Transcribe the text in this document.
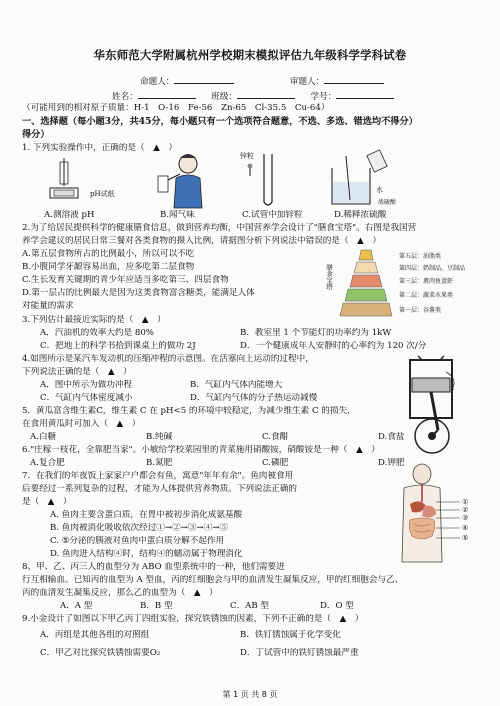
华东师范大学附属杭州学校期末模拟评估九年级科学学科试卷
命题人：	审题人：
姓名：	班级：	学号：
（可能用到的相对原子质量：H-1　O-16　Fe-56　Zn-65　Cl-35.5　Cu-64）
一、选择题（每小题3分，共45分，每小题只有一个选项符合题意，不选、多选、错选均不得分）
得分）
1. 下列实验操作中，正确的是（　▲　）
pH试纸
锌粒
水
浓硫酸
A.测溶液 pH	B.闻气味	C.试管中加锌粒	D.稀释浓硫酸
2.为了给居民提供科学的健康膳食信息，做到营养均衡，中国营养学会设计了"膳食宝塔"。右图是我国营
养学会建议的居民日常三餐对各类食物的摄入比例，请据图分析下列说法中错误的是（　▲　）
A.第五层食物所占的比例最小，所以可以不吃
B.小腹同学牙龈容易出血，应多吃第二层食物
C.生长发育关键期的青少年应适当多吃第三、四层食物
D.第一层占的比例最大是因为这类食物富含糖类，能满足人体
对能量的需求
膳食宝塔
第五层：油脂类
第四层：奶制品，豆制品
第三层：禽肉鱼蛋虾
第二层：蔬菜水果类
第一层：谷薯类
3.下列估计最接近实际的是（　▲　）
A．汽油机的效率大约是 80%	B．教室里 1 个节能灯的功率约为 1kW
C．把地上的科学书拾到课桌上的做功 2J	D．一个健康成年人安静时的心率约为 120 次/分
4.如图所示是某汽车发动机的压缩冲程的示意图。在活塞向上运动的过程中，
下列说法正确的是（　▲　）
A．图中所示为做功冲程	B．气缸内气体内能增大
C．气缸内气体密度减小	D．气缸内气体的分子热运动减慢
5．黄瓜富含维生素C，维生素 C 在 pH<5 的环境中较稳定，为减少维生素 C 的损失，
在食用黄瓜时可加入（　▲　）
A.白糖	B.纯碱	C.食醋	D.食盐
6."庄稼一枝花，全靠肥当家"。小敏给学校菜园里的青菜施用硝酸铵，硝酸铵是一种（　▲　）
A.复合肥	B.氮肥	C.磷肥	D.钾肥
7．在我们的年夜饭上家家户户都会有鱼，寓意"年年有余"。鱼肉被食用
后要经过一系列复杂的过程，才能为人体提供营养物质。下列说法正确的
是（　▲　）
A. 鱼肉主要含蛋白质，在胃中被初步消化成氨基酸
B. 鱼肉被消化吸收依次经过①→②→③→④→⑤
C. ⑤分泌的胰液对鱼肉中蛋白质分解不起作用
D. 鱼肉进入结构④时，结构④的蠕动属于物理消化
①
②
③
④
⑤
8、甲、乙、丙三人的血型分为 ABO 血型系统中的一种，他们需要进
行互相输血。已知丙的血型为 A 型血，丙的红细胞会与甲的血清发生凝集反应，甲的红细胞会与乙、
丙的血清发生凝集反应，那么乙的血型为（　▲　）
A．A 型	B．B 型	C．AB 型	D．O 型
9.小金设计了如图以下甲乙丙丁四组实验，探究铁锈蚀的因素，下列不正确的是（　▲　）
A．丙组是其他各组的对照组	B．铁钉锈蚀属于化学变化
C．甲乙对比探究铁锈蚀需要O₂	D．丁试管中的铁钉锈蚀最严重
第 1 页 共 8 页
